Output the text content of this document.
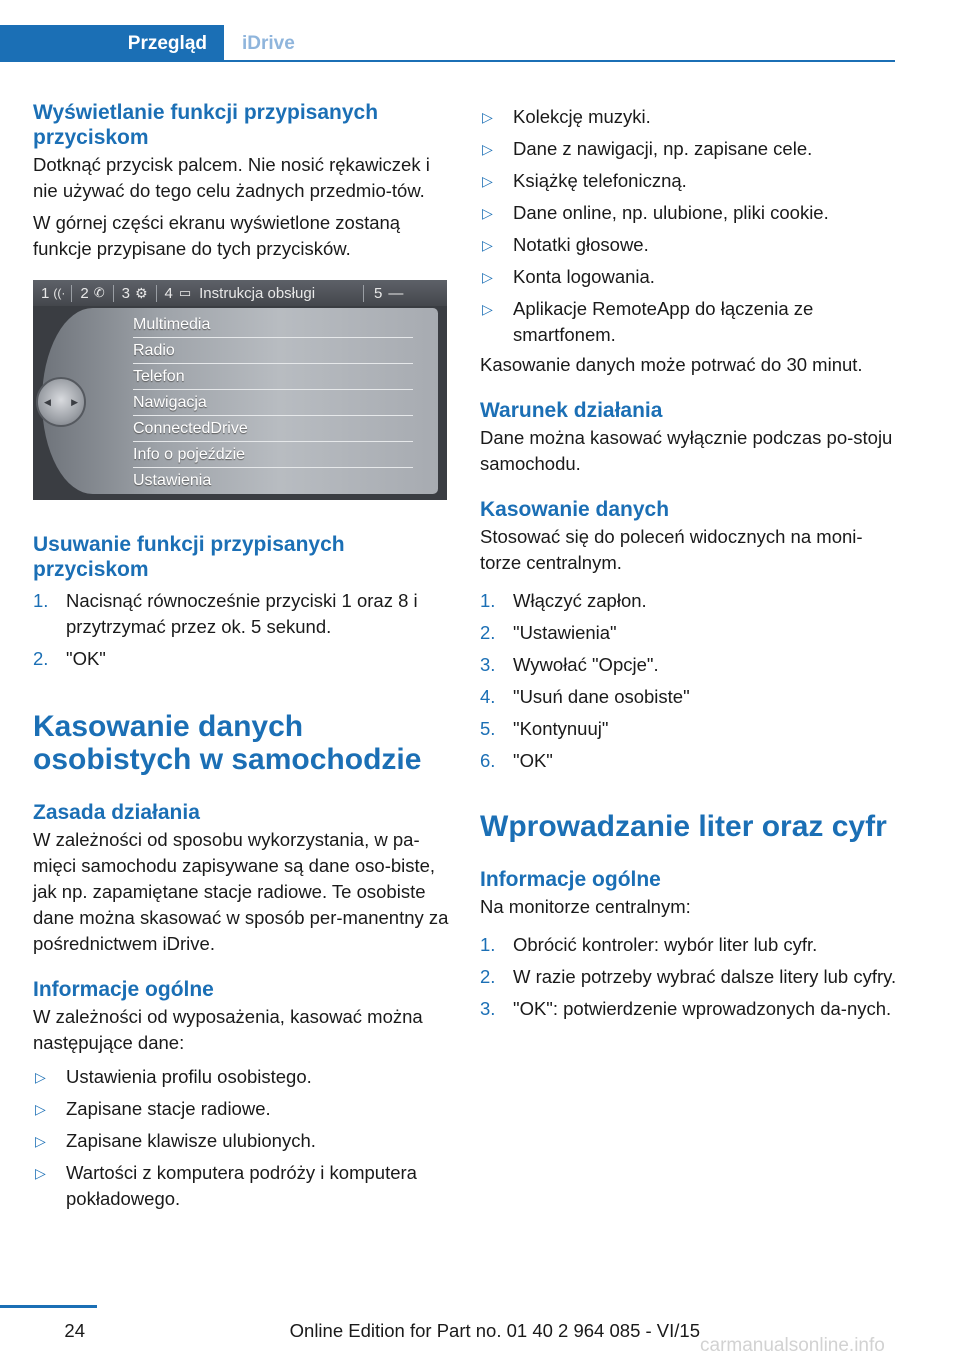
Przegląd	iDrive
Wyświetlanie funkcji przypisanych przyciskom

Dotknąć przycisk palcem. Nie nosić rękawiczek i nie używać do tego celu żadnych przedmio‐tów.

W górnej części ekranu wyświetlone zostaną funkcje przypisane do tych przycisków.

1 ((·	2 ✆	3 ⚙	4 ▭ Instrukcja obsługi	5 —
◀ ▶
Multimedia
Radio
Telefon
Nawigacja
ConnectedDrive
Info o pojeździe
Ustawienia
Usuwanie funkcji przypisanych przyciskom
1. Nacisnąć równocześnie przyciski 1 oraz 8 i przytrzymać przez ok. 5 sekund.
2. "OK"
Kasowanie danych osobistych w samochodzie
Zasada działania

W zależności od sposobu wykorzystania, w pa‐mięci samochodu zapisywane są dane oso‐biste, jak np. zapamiętane stacje radiowe. Te osobiste dane można skasować w sposób per‐manentny za pośrednictwem iDrive.

Informacje ogólne

W zależności od wyposażenia, kasować można następujące dane:

▷ Ustawienia profilu osobistego.
▷ Zapisane stacje radiowe.
▷ Zapisane klawisze ulubionych.
▷ Wartości z komputera podróży i komputera pokładowego.
▷ Kolekcję muzyki.
▷ Dane z nawigacji, np. zapisane cele.
▷ Książkę telefoniczną.
▷ Dane online, np. ulubione, pliki cookie.
▷ Notatki głosowe.
▷ Konta logowania.
▷ Aplikacje RemoteApp do łączenia ze smartfonem.

Kasowanie danych może potrwać do 30 minut.

Warunek działania

Dane można kasować wyłącznie podczas po‐stoju samochodu.

Kasowanie danych

Stosować się do poleceń widocznych na moni‐torze centralnym.

1. Włączyć zapłon.
2. "Ustawienia"
3. Wywołać "Opcje".
4. "Usuń dane osobiste"
5. "Kontynuuj"
6. "OK"
Wprowadzanie liter oraz cyfr
Informacje ogólne

Na monitorze centralnym:

1. Obrócić kontroler: wybór liter lub cyfr.
2. W razie potrzeby wybrać dalsze litery lub cyfry.
3. "OK": potwierdzenie wprowadzonych da‐nych.
24	Online Edition for Part no. 01 40 2 964 085 - VI/15
carmanualsonline.info
